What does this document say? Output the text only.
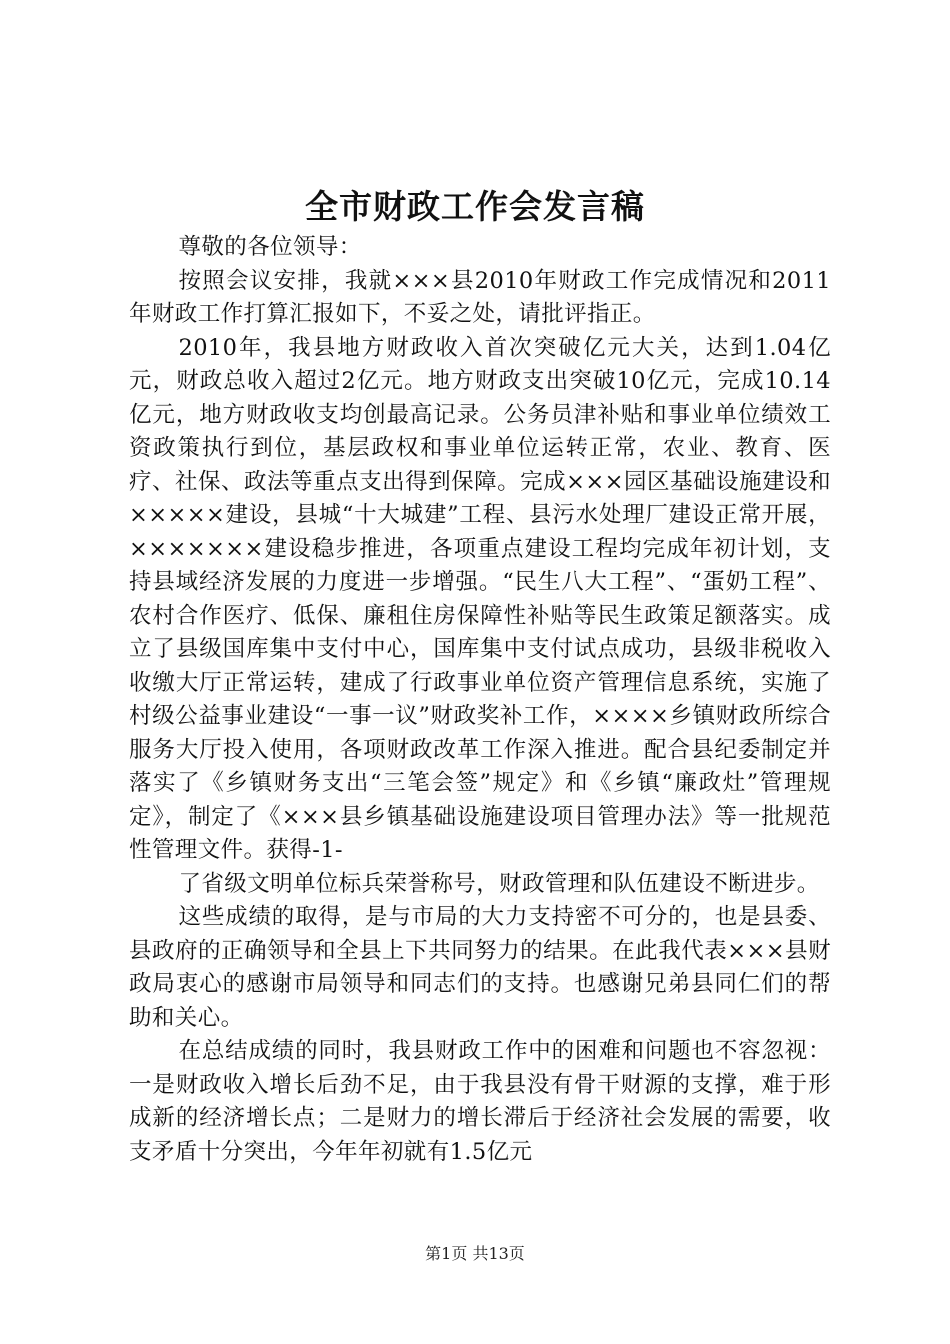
全市财政工作会发言稿

尊敬的各位领导：

按照会议安排，我就×××县2010年财政工作完成情况和2011年财政工作打算汇报如下，不妥之处，请批评指正。

2010年，我县地方财政收入首次突破亿元大关，达到1.04亿元，财政总收入超过2亿元。地方财政支出突破10亿元，完成10.14亿元，地方财政收支均创最高记录。公务员津补贴和事业单位绩效工资政策执行到位，基层政权和事业单位运转正常，农业、教育、医疗、社保、政法等重点支出得到保障。完成×××园区基础设施建设和×××××建设，县城“十大城建”工程、县污水处理厂建设正常开展，×××××××建设稳步推进，各项重点建设工程均完成年初计划，支持县域经济发展的力度进一步增强。“民生八大工程”、“蛋奶工程”、农村合作医疗、低保、廉租住房保障性补贴等民生政策足额落实。成立了县级国库集中支付中心，国库集中支付试点成功，县级非税收入收缴大厅正常运转，建成了行政事业单位资产管理信息系统，实施了村级公益事业建设“一事一议”财政奖补工作，××××乡镇财政所综合服务大厅投入使用，各项财政改革工作深入推进。配合县纪委制定并落实了《乡镇财务支出“三笔会签”规定》和《乡镇“廉政灶”管理规定》，制定了《×××县乡镇基础设施建设项目管理办法》等一批规范性管理文件。获得-1-

了省级文明单位标兵荣誉称号，财政管理和队伍建设不断进步。

这些成绩的取得，是与市局的大力支持密不可分的，也是县委、县政府的正确领导和全县上下共同努力的结果。在此我代表×××县财政局衷心的感谢市局领导和同志们的支持。也感谢兄弟县同仁们的帮助和关心。

在总结成绩的同时，我县财政工作中的困难和问题也不容忽视：一是财政收入增长后劲不足，由于我县没有骨干财源的支撑，难于形成新的经济增长点；二是财力的增长滞后于经济社会发展的需要，收支矛盾十分突出，今年年初就有1.5亿元

第1页 共13页
